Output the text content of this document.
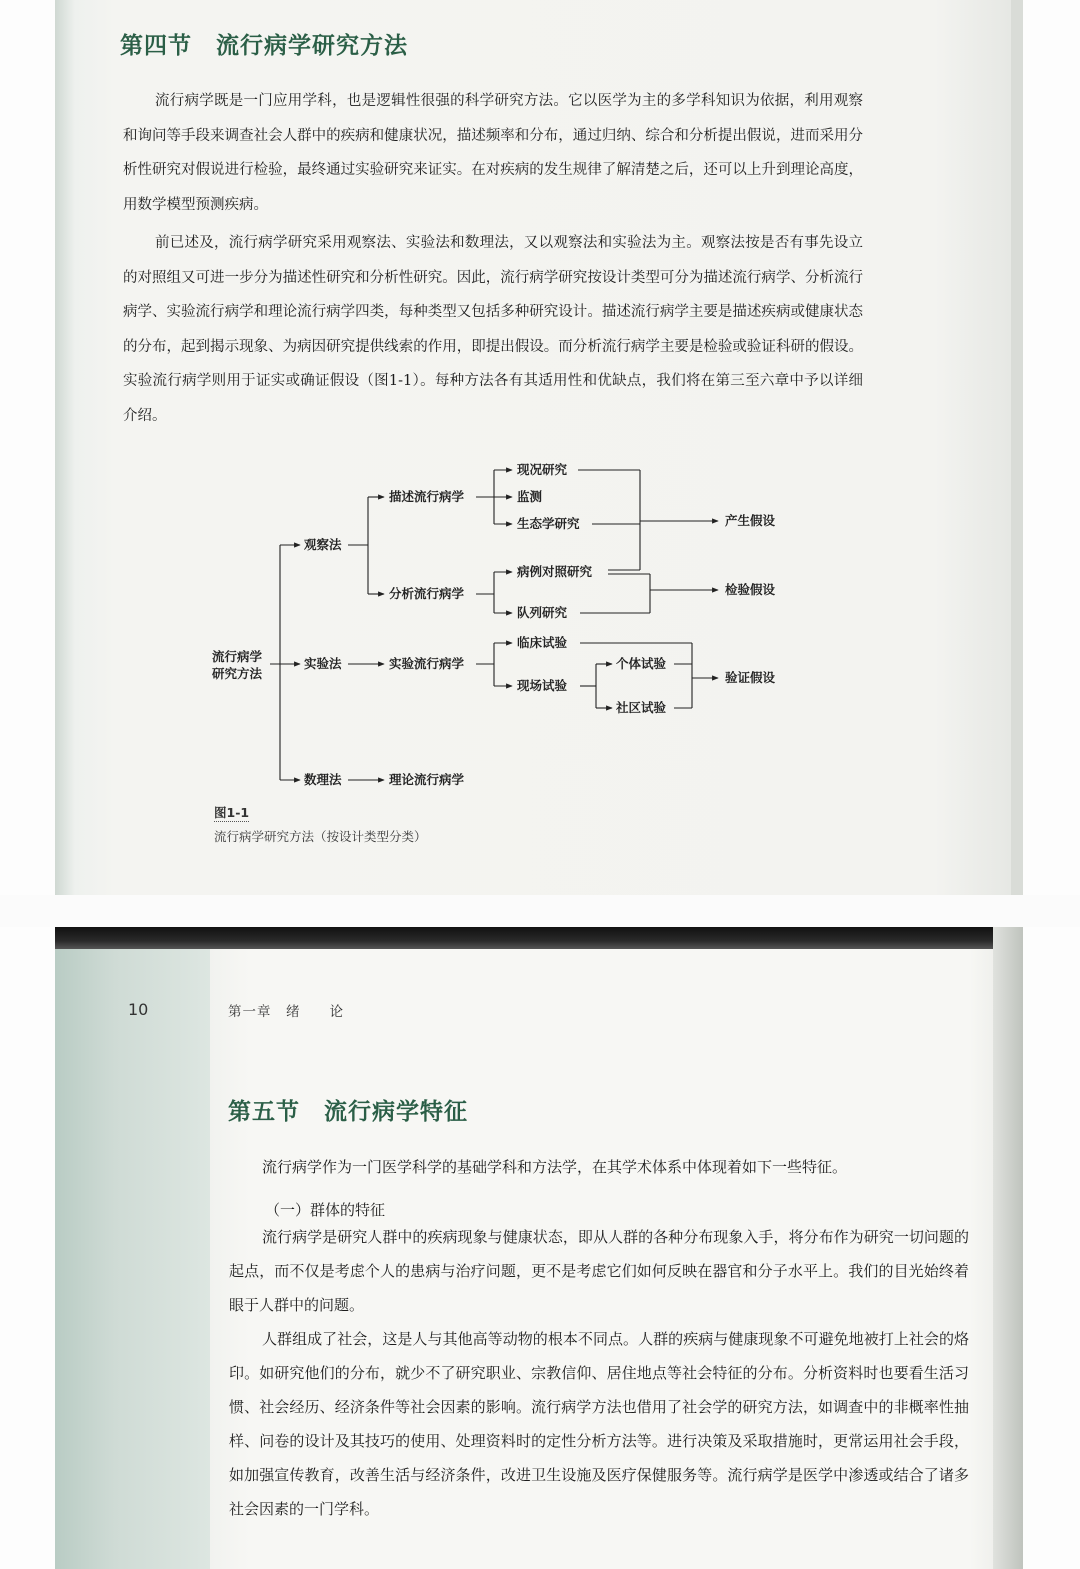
第四节　流行病学研究方法

流行病学既是一门应用学科，也是逻辑性很强的科学研究方法。它以医学为主的多学科知识为依据，利用观察和询问等手段来调查社会人群中的疾病和健康状况，描述频率和分布，通过归纳、综合和分析提出假说，进而采用分析性研究对假说进行检验，最终通过实验研究来证实。在对疾病的发生规律了解清楚之后，还可以上升到理论高度，用数学模型预测疾病。

前已述及，流行病学研究采用观察法、实验法和数理法，又以观察法和实验法为主。观察法按是否有事先设立的对照组又可进一步分为描述性研究和分析性研究。因此，流行病学研究按设计类型可分为描述流行病学、分析流行病学、实验流行病学和理论流行病学四类，每种类型又包括多种研究设计。描述流行病学主要是描述疾病或健康状态的分布，起到揭示现象、为病因研究提供线索的作用，即提出假设。而分析流行病学主要是检验或验证科研的假设。实验流行病学则用于证实或确证假设（图1-1）。每种方法各有其适用性和优缺点，我们将在第三至六章中予以详细介绍。

流行病学
研究方法
观察法
实验法
数理法
描述流行病学
分析流行病学
实验流行病学
理论流行病学
现况研究
监测
生态学研究
病例对照研究
队列研究
临床试验
现场试验
个体试验
社区试验
产生假设
检验假设
验证假设
图1-1
流行病学研究方法（按设计类型分类）
10	第一章　绪　　论
第五节　流行病学特征

流行病学作为一门医学科学的基础学科和方法学，在其学术体系中体现着如下一些特征。

（一）群体的特征

流行病学是研究人群中的疾病现象与健康状态，即从人群的各种分布现象入手，将分布作为研究一切问题的起点，而不仅是考虑个人的患病与治疗问题，更不是考虑它们如何反映在器官和分子水平上。我们的目光始终着眼于人群中的问题。

人群组成了社会，这是人与其他高等动物的根本不同点。人群的疾病与健康现象不可避免地被打上社会的烙印。如研究他们的分布，就少不了研究职业、宗教信仰、居住地点等社会特征的分布。分析资料时也要看生活习惯、社会经历、经济条件等社会因素的影响。流行病学方法也借用了社会学的研究方法，如调查中的非概率性抽样、问卷的设计及其技巧的使用、处理资料时的定性分析方法等。进行决策及采取措施时，更常运用社会手段，如加强宣传教育，改善生活与经济条件，改进卫生设施及医疗保健服务等。流行病学是医学中渗透或结合了诸多社会因素的一门学科。
